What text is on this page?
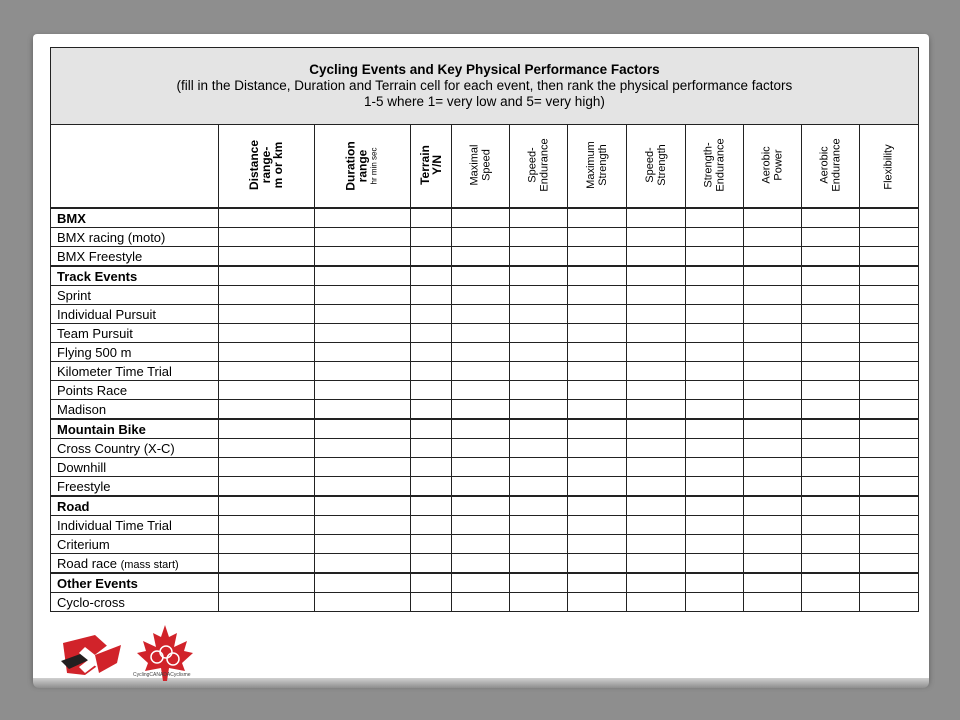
Cycling Events and Key Physical Performance Factors
(fill in the Distance, Duration and Terrain cell for each event, then rank the physical performance factors
1-5 where 1= very low and 5= very high)											

	Distance
range-
m or km	Duration
range hr min sec	Terrain
Y/N	Maximal Speed	Speed- Endurance	Maximum Strength	Speed- Strength	Strength- Endurance	Aerobic Power	Aerobic Endurance	Flexibility

BMX											
BMX racing (moto)											
BMX Freestyle											
Track Events											
Sprint											
Individual Pursuit											
Team Pursuit											
Flying 500 m											
Kilometer Time Trial											
Points Race											
Madison											
Mountain Bike											
Cross Country (X-C)											
Downhill											
Freestyle											
Road											
Individual Time Trial											
Criterium											
Road race (mass start)											
Other Events											
Cyclo-cross											
CyclingCANADACyclisme
